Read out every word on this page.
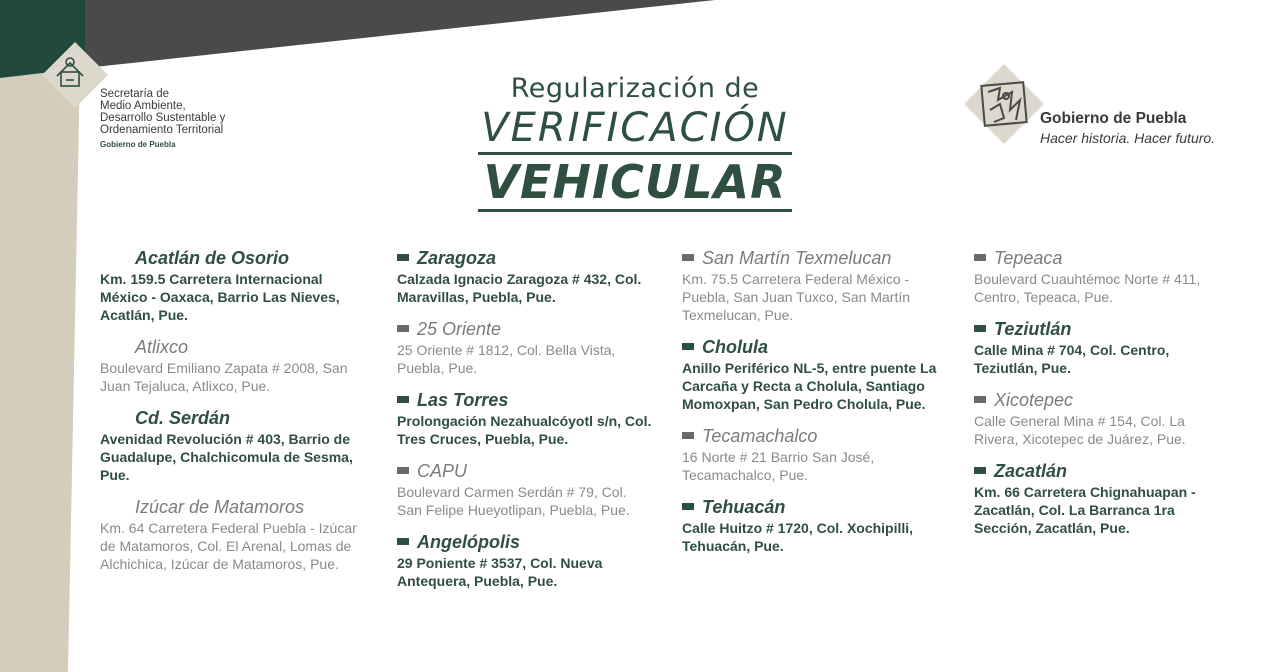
Secretaría de
Medio Ambiente,
Desarrollo Sustentable y
Ordenamiento Territorial
Gobierno de Puebla
Regularización de
VERIFICACIÓN
VEHICULAR
Gobierno de Puebla
Hacer historia. Hacer futuro.
Acatlán de Osorio
Km. 159.5 Carretera Internacional México - Oaxaca, Barrio Las Nieves, Acatlán, Pue.
Atlixco
Boulevard Emiliano Zapata # 2008, San Juan Tejaluca, Atlixco, Pue.
Cd. Serdán
Avenidad Revolución # 403, Barrio de Guadalupe, Chalchicomula de Sesma, Pue.
Izúcar de Matamoros
Km. 64 Carretera Federal Puebla - Izúcar de Matamoros, Col. El Arenal, Lomas de Alchichica, Izúcar de Matamoros, Pue.
Zaragoza
Calzada Ignacio Zaragoza # 432, Col. Maravillas, Puebla, Pue.
25 Oriente
25 Oriente # 1812, Col. Bella Vista, Puebla, Pue.
Las Torres
Prolongación Nezahualcóyotl s/n, Col. Tres Cruces, Puebla, Pue.
CAPU
Boulevard Carmen Serdán # 79, Col. San Felipe Hueyotlipan, Puebla, Pue.
Angelópolis
29 Poniente # 3537, Col. Nueva Antequera, Puebla, Pue.
San Martín Texmelucan
Km. 75.5 Carretera Federal México - Puebla, San Juan Tuxco, San Martín Texmelucan, Pue.
Cholula
Anillo Periférico NL-5, entre puente La Carcaña y Recta a Cholula, Santiago Momoxpan, San Pedro Cholula, Pue.
Tecamachalco
16 Norte # 21 Barrio San José, Tecamachalco, Pue.
Tehuacán
Calle Huitzo # 1720, Col. Xochipilli, Tehuacán, Pue.
Tepeaca
Boulevard Cuauhtémoc Norte # 411, Centro, Tepeaca, Pue.
Teziutlán
Calle Mina # 704, Col. Centro, Teziutlán, Pue.
Xicotepec
Calle General Mina # 154, Col. La Rivera, Xicotepec de Juárez, Pue.
Zacatlán
Km. 66 Carretera Chignahuapan - Zacatlán, Col. La Barranca 1ra Sección, Zacatlán, Pue.
